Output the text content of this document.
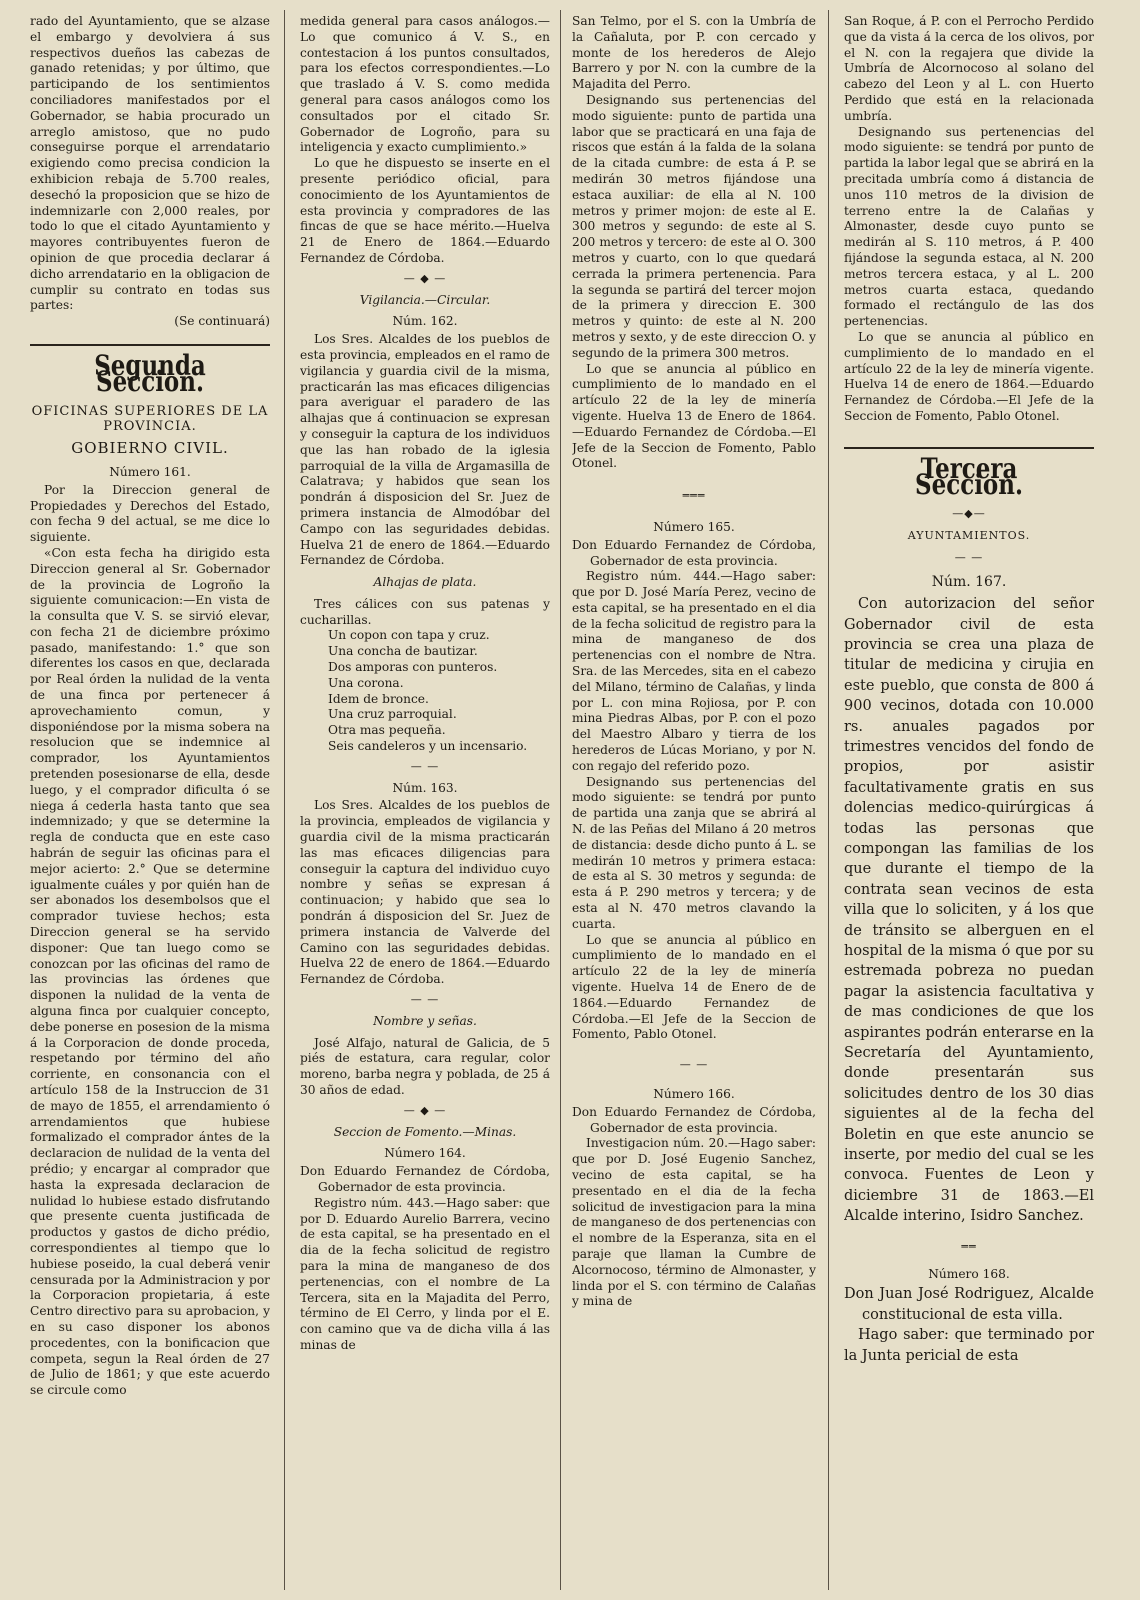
rado del Ayuntamiento, que se alzase el embargo y devolviera á sus respectivos dueños las cabezas de ganado retenidas; y por último, que participando de los sentimientos conciliadores manifestados por el Gobernador, se habia procurado un arreglo amistoso, que no pudo conseguirse porque el arrendatario exigiendo como precisa condicion la exhibicion rebaja de 5.700 reales, desechó la proposicion que se hizo de indemnizarle con 2,000 reales, por todo lo que el citado Ayuntamiento y mayores contribuyentes fueron de opinion de que procedia declarar á dicho arrendatario en la obligacion de cumplir su contrato en todas sus partes:

(Se continuará)

Segunda Seccion.
OFICINAS SUPERIORES DE LA PROVINCIA.
GOBIERNO CIVIL.
Número 161.

Por la Direccion general de Propiedades y Derechos del Estado, con fecha 9 del actual, se me dice lo siguiente.

«Con esta fecha ha dirigido esta Direccion general al Sr. Gobernador de la provincia de Logroño la siguiente comunicacion:—En vista de la consulta que V. S. se sirvió elevar, con fecha 21 de diciembre próximo pasado, manifestando: 1.° que son diferentes los casos en que, declarada por Real órden la nulidad de la venta de una finca por pertenecer á aprovechamiento comun, y disponiéndose por la misma sobera na resolucion que se indemnice al comprador, los Ayuntamientos pretenden posesionarse de ella, desde luego, y el comprador dificulta ó se niega á cederla hasta tanto que sea indemnizado; y que se determine la regla de conducta que en este caso habrán de seguir las oficinas para el mejor acierto: 2.° Que se determine igualmente cuáles y por quién han de ser abonados los desembolsos que el comprador tuviese hechos; esta Direccion general se ha servido disponer: Que tan luego como se conozcan por las oficinas del ramo de las provincias las órdenes que disponen la nulidad de la venta de alguna finca por cualquier concepto, debe ponerse en posesion de la misma á la Corporacion de donde proceda, respetando por término del año corriente, en consonancia con el artículo 158 de la Instruccion de 31 de mayo de 1855, el arrendamiento ó arrendamientos que hubiese formalizado el comprador ántes de la declaracion de nulidad de la venta del prédio; y encargar al comprador que hasta la expresada declaracion de nulidad lo hubiese estado disfrutando que presente cuenta justificada de productos y gastos de dicho prédio, correspondientes al tiempo que lo hubiese poseido, la cual deberá venir censurada por la Administracion y por la Corporacion propietaria, á este Centro directivo para su aprobacion, y en su caso disponer los abonos procedentes, con la bonificacion que competa, segun la Real órden de 27 de Julio de 1861; y que este acuerdo se circule como

medida general para casos análogos.—Lo que comunico á V. S., en contestacion á los puntos consultados, para los efectos correspondientes.—Lo que traslado á V. S. como medida general para casos análogos como los consultados por el citado Sr. Gobernador de Logroño, para su inteligencia y exacto cumplimiento.»

Lo que he dispuesto se inserte en el presente periódico oficial, para conocimiento de los Ayuntamientos de esta provincia y compradores de las fincas de que se hace mérito.—Huelva 21 de Enero de 1864.—Eduardo Fernandez de Córdoba.

— ◆ —
Vigilancia.—Circular.
Núm. 162.

Los Sres. Alcaldes de los pueblos de esta provincia, empleados en el ramo de vigilancia y guardia civil de la misma, practicarán las mas eficaces diligencias para averiguar el paradero de las alhajas que á continuacion se expresan y conseguir la captura de los individuos que las han robado de la iglesia parroquial de la villa de Argamasilla de Calatrava; y habidos que sean los pondrán á disposicion del Sr. Juez de primera instancia de Almodóbar del Campo con las seguridades debidas. Huelva 21 de enero de 1864.—Eduardo Fernandez de Córdoba.

Alhajas de plata.

Tres cálices con sus patenas y cucharillas.

Un copon con tapa y cruz.
Una concha de bautizar.
Dos amporas con punteros.
Una corona.
Idem de bronce.
Una cruz parroquial.
Otra mas pequeña.
Seis candeleros y un incensario.
— —
Núm. 163.

Los Sres. Alcaldes de los pueblos de la provincia, empleados de vigilancia y guardia civil de la misma practicarán las mas eficaces diligencias para conseguir la captura del individuo cuyo nombre y señas se expresan á continuacion; y habido que sea lo pondrán á disposicion del Sr. Juez de primera instancia de Valverde del Camino con las seguridades debidas. Huelva 22 de enero de 1864.—Eduardo Fernandez de Córdoba.

— —
Nombre y señas.

José Alfajo, natural de Galicia, de 5 piés de estatura, cara regular, color moreno, barba negra y poblada, de 25 á 30 años de edad.

— ◆ —
Seccion de Fomento.—Minas.
Número 164.

Don Eduardo Fernandez de Córdoba, Gobernador de esta provincia.

Registro núm. 443.—Hago saber: que por D. Eduardo Aurelio Barrera, vecino de esta capital, se ha presentado en el dia de la fecha solicitud de registro para la mina de manganeso de dos pertenencias, con el nombre de La Tercera, sita en la Majadita del Perro, término de El Cerro, y linda por el E. con camino que va de dicha villa á las minas de

San Telmo, por el S. con la Umbría de la Cañaluta, por P. con cercado y monte de los herederos de Alejo Barrero y por N. con la cumbre de la Majadita del Perro.

Designando sus pertenencias del modo siguiente: punto de partida una labor que se practicará en una faja de riscos que están á la falda de la solana de la citada cumbre: de esta á P. se medirán 30 metros fijándose una estaca auxiliar: de ella al N. 100 metros y primer mojon: de este al E. 300 metros y segundo: de este al S. 200 metros y tercero: de este al O. 300 metros y cuarto, con lo que quedará cerrada la primera pertenencia. Para la segunda se partirá del tercer mojon de la primera y direccion E. 300 metros y quinto: de este al N. 200 metros y sexto, y de este direccion O. y segundo de la primera 300 metros.

Lo que se anuncia al público en cumplimiento de lo mandado en el artículo 22 de la ley de minería vigente. Huelva 13 de Enero de 1864.—Eduardo Fernandez de Córdoba.—El Jefe de la Seccion de Fomento, Pablo Otonel.

═══
Número 165.

Don Eduardo Fernandez de Córdoba, Gobernador de esta provincia.

Registro núm. 444.—Hago saber: que por D. José María Perez, vecino de esta capital, se ha presentado en el dia de la fecha solicitud de registro para la mina de manganeso de dos pertenencias con el nombre de Ntra. Sra. de las Mercedes, sita en el cabezo del Milano, término de Calañas, y linda por L. con mina Rojiosa, por P. con mina Piedras Albas, por P. con el pozo del Maestro Albaro y tierra de los herederos de Lúcas Moriano, y por N. con regajo del referido pozo.

Designando sus pertenencias del modo siguiente: se tendrá por punto de partida una zanja que se abrirá al N. de las Peñas del Milano á 20 metros de distancia: desde dicho punto á L. se medirán 10 metros y primera estaca: de esta al S. 30 metros y segunda: de esta á P. 290 metros y tercera; y de esta al N. 470 metros clavando la cuarta.

Lo que se anuncia al público en cumplimiento de lo mandado en el artículo 22 de la ley de minería vigente. Huelva 14 de Enero de de 1864.—Eduardo Fernandez de Córdoba.—El Jefe de la Seccion de Fomento, Pablo Otonel.

— —
Número 166.

Don Eduardo Fernandez de Córdoba, Gobernador de esta provincia.

Investigacion núm. 20.—Hago saber: que por D. José Eugenio Sanchez, vecino de esta capital, se ha presentado en el dia de la fecha solicitud de investigacion para la mina de manganeso de dos pertenencias con el nombre de la Esperanza, sita en el paraje que llaman la Cumbre de Alcornocoso, término de Almonaster, y linda por el S. con término de Calañas y mina de

San Roque, á P. con el Perrocho Perdido que da vista á la cerca de los olivos, por el N. con la regajera que divide la Umbría de Alcornocoso al solano del cabezo del Leon y al L. con Huerto Perdido que está en la relacionada umbría.

Designando sus pertenencias del modo siguiente: se tendrá por punto de partida la labor legal que se abrirá en la precitada umbría como á distancia de unos 110 metros de la division de terreno entre la de Calañas y Almonaster, desde cuyo punto se medirán al S. 110 metros, á P. 400 fijándose la segunda estaca, al N. 200 metros tercera estaca, y al L. 200 metros cuarta estaca, quedando formado el rectángulo de las dos pertenencias.

Lo que se anuncia al público en cumplimiento de lo mandado en el artículo 22 de la ley de minería vigente. Huelva 14 de enero de 1864.—Eduardo Fernandez de Córdoba.—El Jefe de la Seccion de Fomento, Pablo Otonel.

Tercera Seccion.
—◆—
AYUNTAMIENTOS.
— —
Núm. 167.

Con autorizacion del señor Gobernador civil de esta provincia se crea una plaza de titular de medicina y cirujia en este pueblo, que consta de 800 á 900 vecinos, dotada con 10.000 rs. anuales pagados por trimestres vencidos del fondo de propios, por asistir facultativamente gratis en sus dolencias medico-quirúrgicas á todas las personas que compongan las familias de los que durante el tiempo de la contrata sean vecinos de esta villa que lo soliciten, y á los que de tránsito se alberguen en el hospital de la misma ó que por su estremada pobreza no puedan pagar la asistencia facultativa y de mas condiciones de que los aspirantes podrán enterarse en la Secretaría del Ayuntamiento, donde presentarán sus solicitudes dentro de los 30 dias siguientes al de la fecha del Boletin en que este anuncio se inserte, por medio del cual se les convoca. Fuentes de Leon y diciembre 31 de 1863.—El Alcalde interino, Isidro Sanchez.

══
Número 168.

Don Juan José Rodriguez, Alcalde constitucional de esta villa.

Hago saber: que terminado por la Junta pericial de esta
